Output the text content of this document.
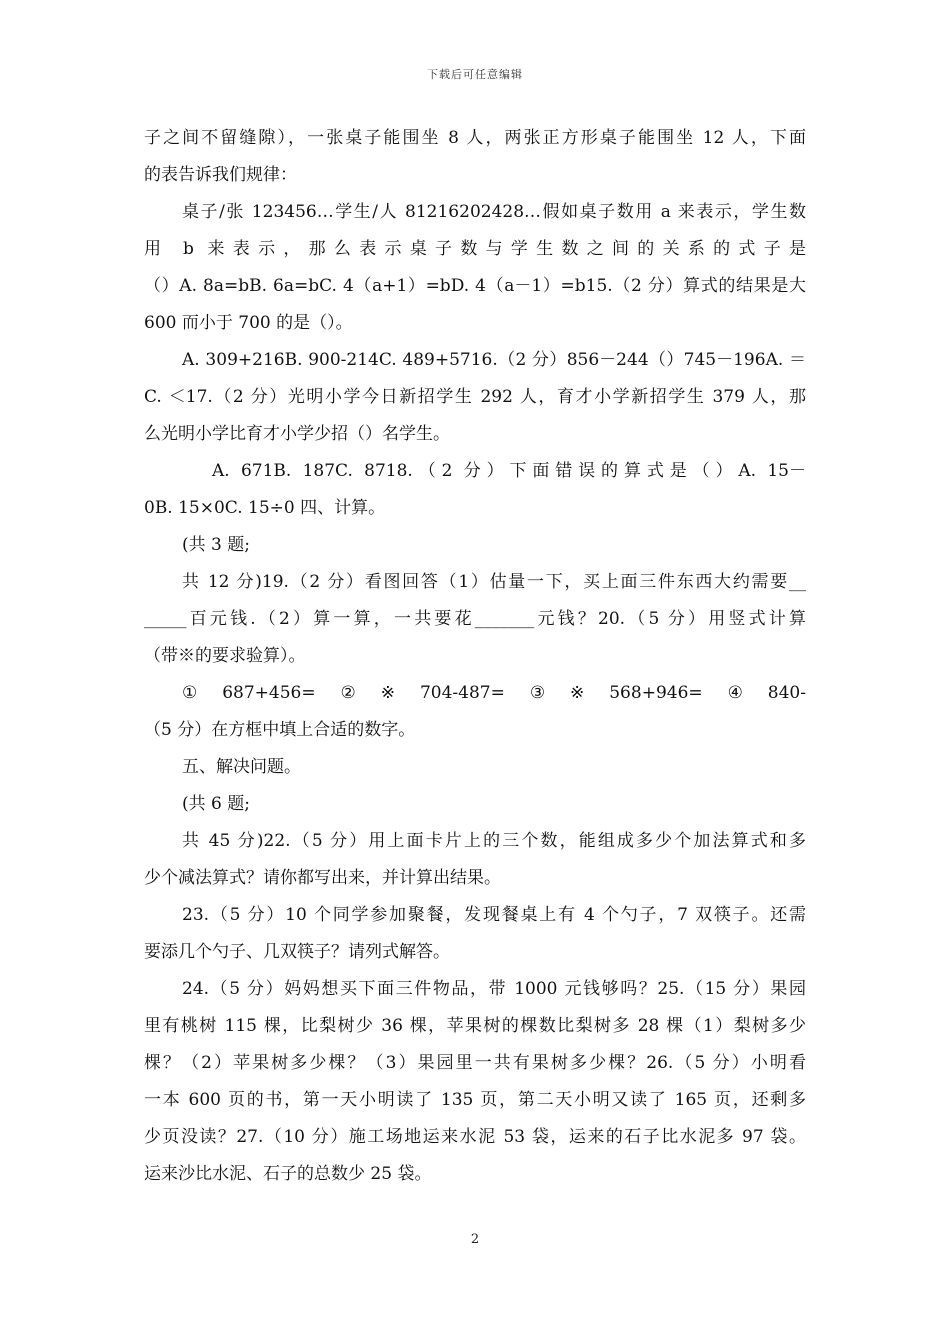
下载后可任意编辑
子之间不留缝隙），一张桌子能围坐 8 人，两张正方形桌子能围坐 12 人，下面
的表告诉我们规律：
桌子/张 123456…学生/人 81216202428…假如桌子数用 a 来表示，学生数
用 b 来表示，那么表示桌子数与学生数之间的关系的式子是
（）A. 8a=bB. 6a=bC. 4（a+1）=bD. 4（a－1）=b15.（2 分）算式的结果是大
600 而小于 700 的是（）。
A. 309+216B. 900-214C. 489+5716.（2 分）856－244（）745－196A. ＝
C. ＜17.（2 分）光明小学今日新招学生 292 人，育才小学新招学生 379 人，那
么光明小学比育才小学少招（）名学生。
A. 671B. 187C. 8718.（2 分）下面错误的算式是（）A. 15－
0B. 15×0C. 15÷0 四、计算。
(共 3 题;
共 12 分)19.（2 分）看图回答（1）估量一下，买上面三件东西大约需要__
_____百元钱.（2）算一算，一共要花_______元钱？20.（5 分）用竖式计算
（带※的要求验算）。
①687+456=②※704-487=③※568+946=④840-
（5 分）在方框中填上合适的数字。
五、解决问题。
(共 6 题;
共 45 分)22.（5 分）用上面卡片上的三个数，能组成多少个加法算式和多
少个减法算式？请你都写出来，并计算出结果。
23.（5 分）10 个同学参加聚餐，发现餐桌上有 4 个勺子，7 双筷子。还需
要添几个勺子、几双筷子？请列式解答。
24.（5 分）妈妈想买下面三件物品，带 1000 元钱够吗？25.（15 分）果园
里有桃树 115 棵，比梨树少 36 棵，苹果树的棵数比梨树多 28 棵（1）梨树多少
棵？（2）苹果树多少棵？（3）果园里一共有果树多少棵？26.（5 分）小明看
一本 600 页的书，第一天小明读了 135 页，第二天小明又读了 165 页，还剩多
少页没读？27.（10 分）施工场地运来水泥 53 袋，运来的石子比水泥多 97 袋。
运来沙比水泥、石子的总数少 25 袋。
2
